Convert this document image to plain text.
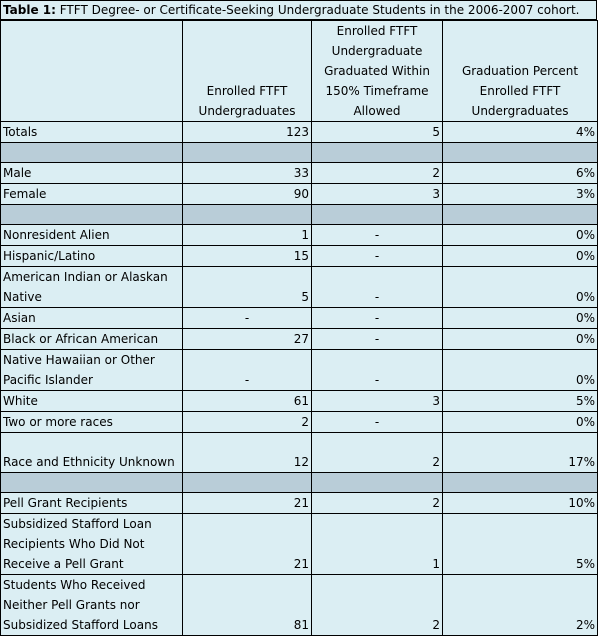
Table 1: FTFT Degree- or Certificate-Seeking Undergraduate Students in the 2006-2007 cohort.
	Enrolled FTFT Undergraduates	Enrolled FTFT Undergraduate Graduated Within 150% Timeframe Allowed	Graduation Percent Enrolled FTFT Undergraduates
Totals	123	5	4%

Male	33	2	6%
Female	90	3	3%

Nonresident Alien	1	-	0%
Hispanic/Latino	15	-	0%
American Indian or Alaskan Native	5	-	0%
Asian	-	-	0%
Black or African American	27	-	0%
Native Hawaiian or Other Pacific Islander	-	-	0%
White	61	3	5%
Two or more races	2	-	0%
Race and Ethnicity Unknown	12	2	17%

Pell Grant Recipients	21	2	10%
Subsidized Stafford Loan Recipients Who Did Not Receive a Pell Grant	21	1	5%
Students Who Received Neither Pell Grants nor Subsidized Stafford Loans	81	2	2%
